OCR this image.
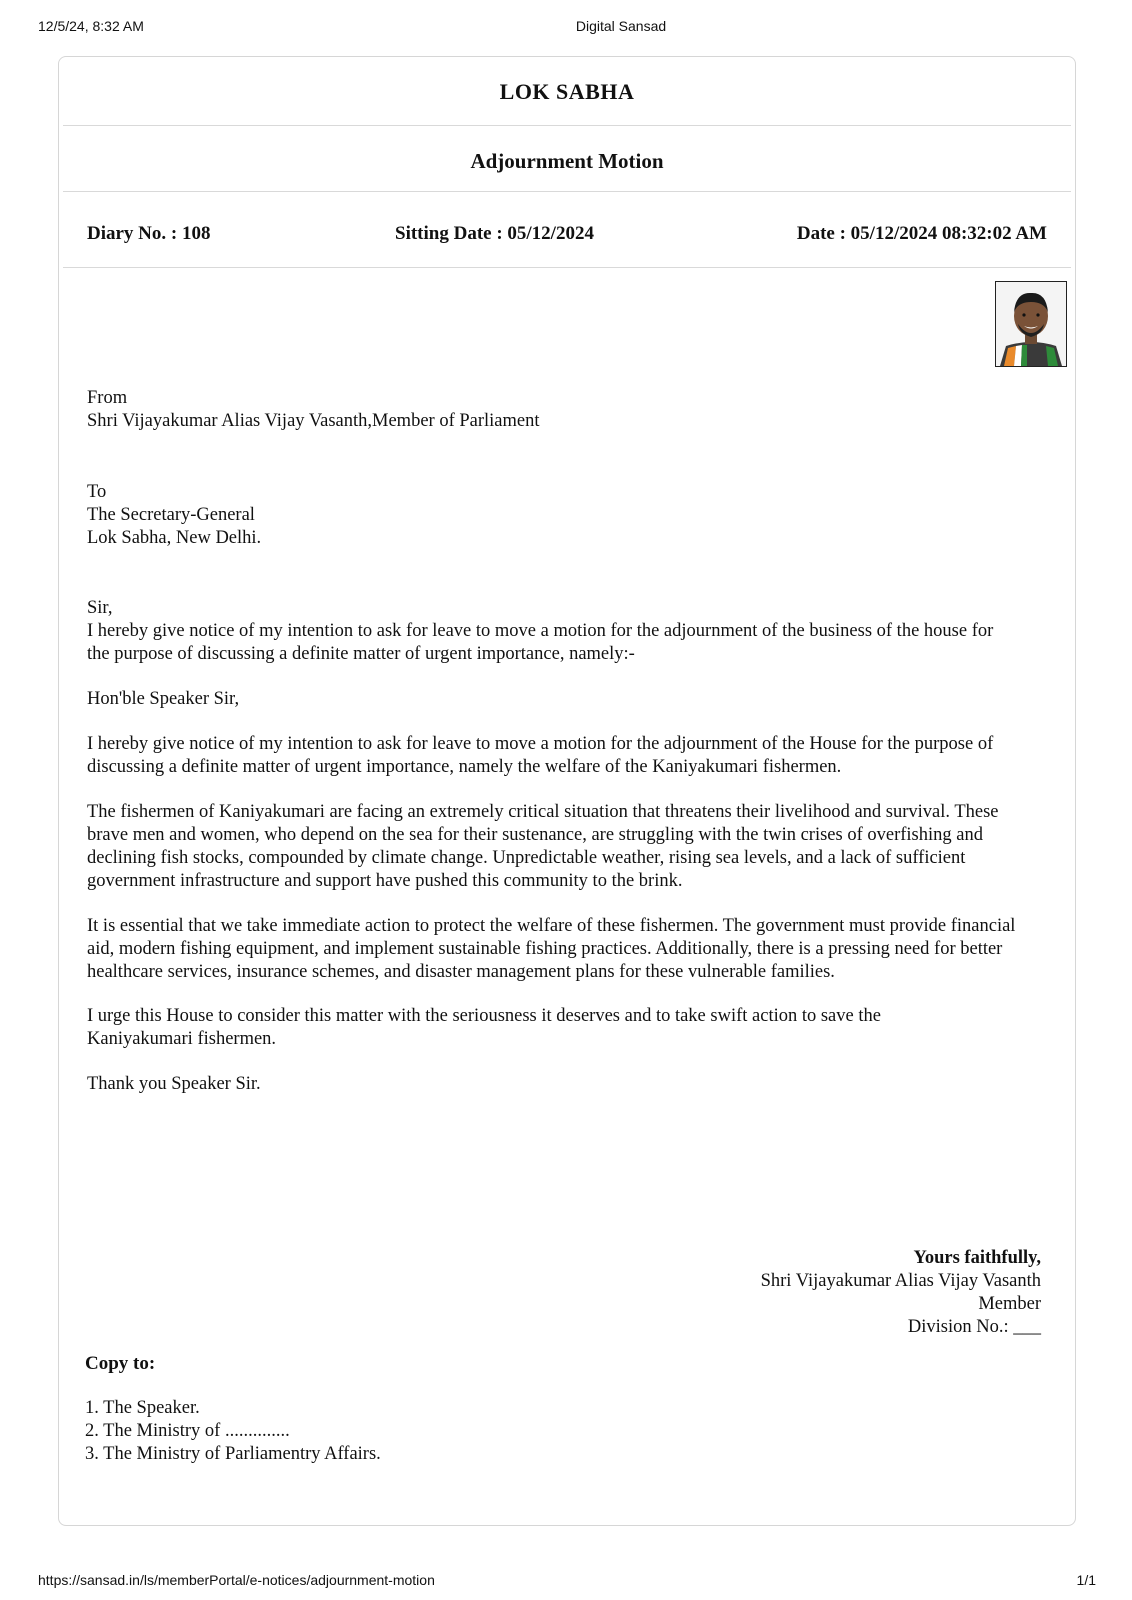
12/5/24, 8:32 AM	Digital Sansad
LOK SABHA
Adjournment Motion
Diary No. : 108	Sitting Date : 05/12/2024	Date : 05/12/2024 08:32:02 AM

From

Shri Vijayakumar Alias Vijay Vasanth,Member of Parliament

To

The Secretary-General

Lok Sabha, New Delhi.

Sir,

I hereby give notice of my intention to ask for leave to move a motion for the adjournment of the business of the house for the purpose of discussing a definite matter of urgent importance, namely:-

Hon'ble Speaker Sir,
I hereby give notice of my intention to ask for leave to move a motion for the adjournment of the House for the purpose of discussing a definite matter of urgent importance, namely the welfare of the Kaniyakumari fishermen.
The fishermen of Kaniyakumari are facing an extremely critical situation that threatens their livelihood and survival. These brave men and women, who depend on the sea for their sustenance, are struggling with the twin crises of overfishing and declining fish stocks, compounded by climate change. Unpredictable weather, rising sea levels, and a lack of sufficient government infrastructure and support have pushed this community to the brink.
It is essential that we take immediate action to protect the welfare of these fishermen. The government must provide financial aid, modern fishing equipment, and implement sustainable fishing practices. Additionally, there is a pressing need for better healthcare services, insurance schemes, and disaster management plans for these vulnerable families.
I urge this House to consider this matter with the seriousness it deserves and to take swift action to save the Kaniyakumari fishermen.
Thank you Speaker Sir.
Yours faithfully,
Shri Vijayakumar Alias Vijay Vasanth
Member
Division No.: ___
Copy to:
1. The Speaker.
2. The Ministry of ..............
3. The Ministry of Parliamentry Affairs.
https://sansad.in/ls/memberPortal/e-notices/adjournment-motion	1/1
